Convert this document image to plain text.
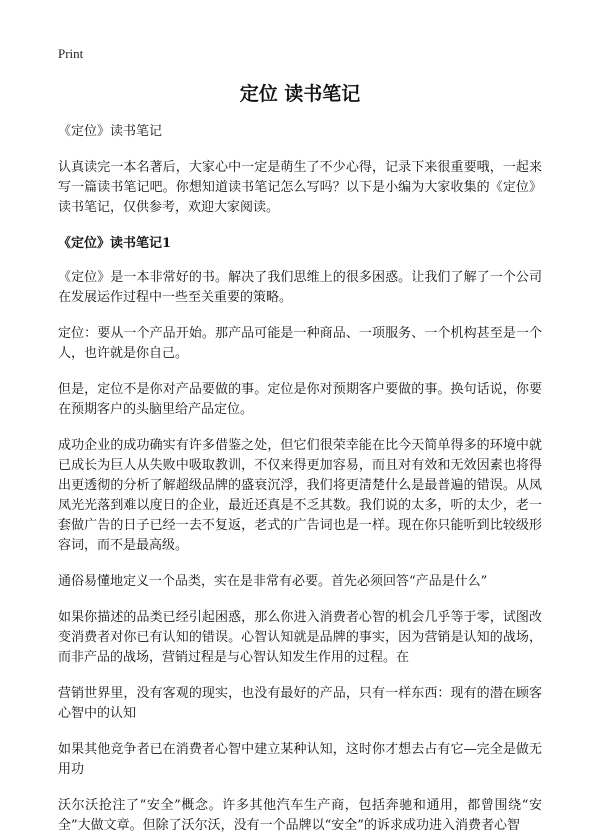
Print
定位 读书笔记
《定位》读书笔记
认真读完一本名著后，大家心中一定是萌生了不少心得，记录下来很重要哦，一起来写一篇读书笔记吧。你想知道读书笔记怎么写吗？以下是小编为大家收集的《定位》读书笔记，仅供参考，欢迎大家阅读。
《定位》读书笔记1
《定位》是一本非常好的书。解决了我们思维上的很多困惑。让我们了解了一个公司在发展运作过程中一些至关重要的策略。
定位：要从一个产品开始。那产品可能是一种商品、一项服务、一个机构甚至是一个人，也许就是你自己。
但是，定位不是你对产品要做的事。定位是你对预期客户要做的事。换句话说，你要在预期客户的头脑里给产品定位。
成功企业的成功确实有许多借鉴之处，但它们很荣幸能在比今天简单得多的环境中就已成长为巨人从失败中吸取教训，不仅来得更加容易，而且对有效和无效因素也将得出更透彻的分析了解超级品牌的盛衰沉浮，我们将更清楚什么是最普遍的错误。从凤凤光光落到难以度日的企业，最近还真是不乏其数。我们说的太多，听的太少，老一套做广告的日子已经一去不复返，老式的广告词也是一样。现在你只能听到比较级形容词，而不是最高级。
通俗易懂地定义一个品类，实在是非常有必要。首先必须回答“产品是什么”
如果你描述的品类已经引起困惑，那么你进入消费者心智的机会几乎等于零，试图改变消费者对你已有认知的错误。心智认知就是品牌的事实，因为营销是认知的战场，而非产品的战场，营销过程是与心智认知发生作用的过程。在
营销世界里，没有客观的现实，也没有最好的产品，只有一样东西：现有的潜在顾客心智中的认知
如果其他竞争者已在消费者心智中建立某种认知，这时你才想去占有它—完全是做无用功
沃尔沃抢注了“安全”概念。许多其他汽车生产商，包括奔驰和通用，都曾围绕“安全”大做文章。但除了沃尔沃，没有一个品牌以“安全”的诉求成功进入消费者心智
